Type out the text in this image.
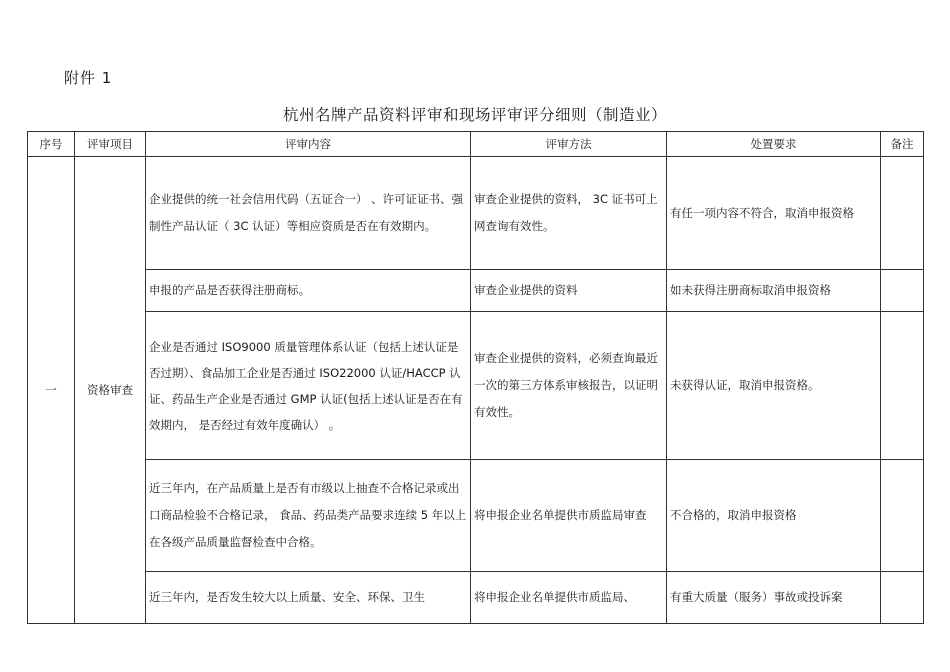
附件 1
杭州名牌产品资料评审和现场评审评分细则（制造业）
序号	评审项目	评审内容	评审方法	处置要求	备注
一	资格审查	企业提供的统一社会信用代码（五证合一） 、许可证证书、强制性产品认证（ 3C 认证）等相应资质是否在有效期内。	审查企业提供的资料， 3C 证书可上网查询有效性。	有任一项内容不符合，取消申报资格	

		申报的产品是否获得注册商标。	审查企业提供的资料	如未获得注册商标取消申报资格	

		企业是否通过 ISO9000 质量管理体系认证（包括上述认证是否过期）、食品加工企业是否通过 ISO22000 认证/HACCP 认证、药品生产企业是否通过 GMP 认证(包括上述认证是否在有效期内， 是否经过有效年度确认） 。	审查企业提供的资料，必须查询最近一次的第三方体系审核报告，以证明有效性。	未获得认证，取消申报资格。	

		近三年内，在产品质量上是否有市级以上抽查不合格记录或出口商品检验不合格记录， 食品、药品类产品要求连续 5 年以上在各级产品质量监督检查中合格。	将申报企业名单提供市质监局审查	不合格的，取消申报资格	

		近三年内，是否发生较大以上质量、安全、环保、卫生	将申报企业名单提供市质监局、	有重大质量（服务）事故或投诉案	
